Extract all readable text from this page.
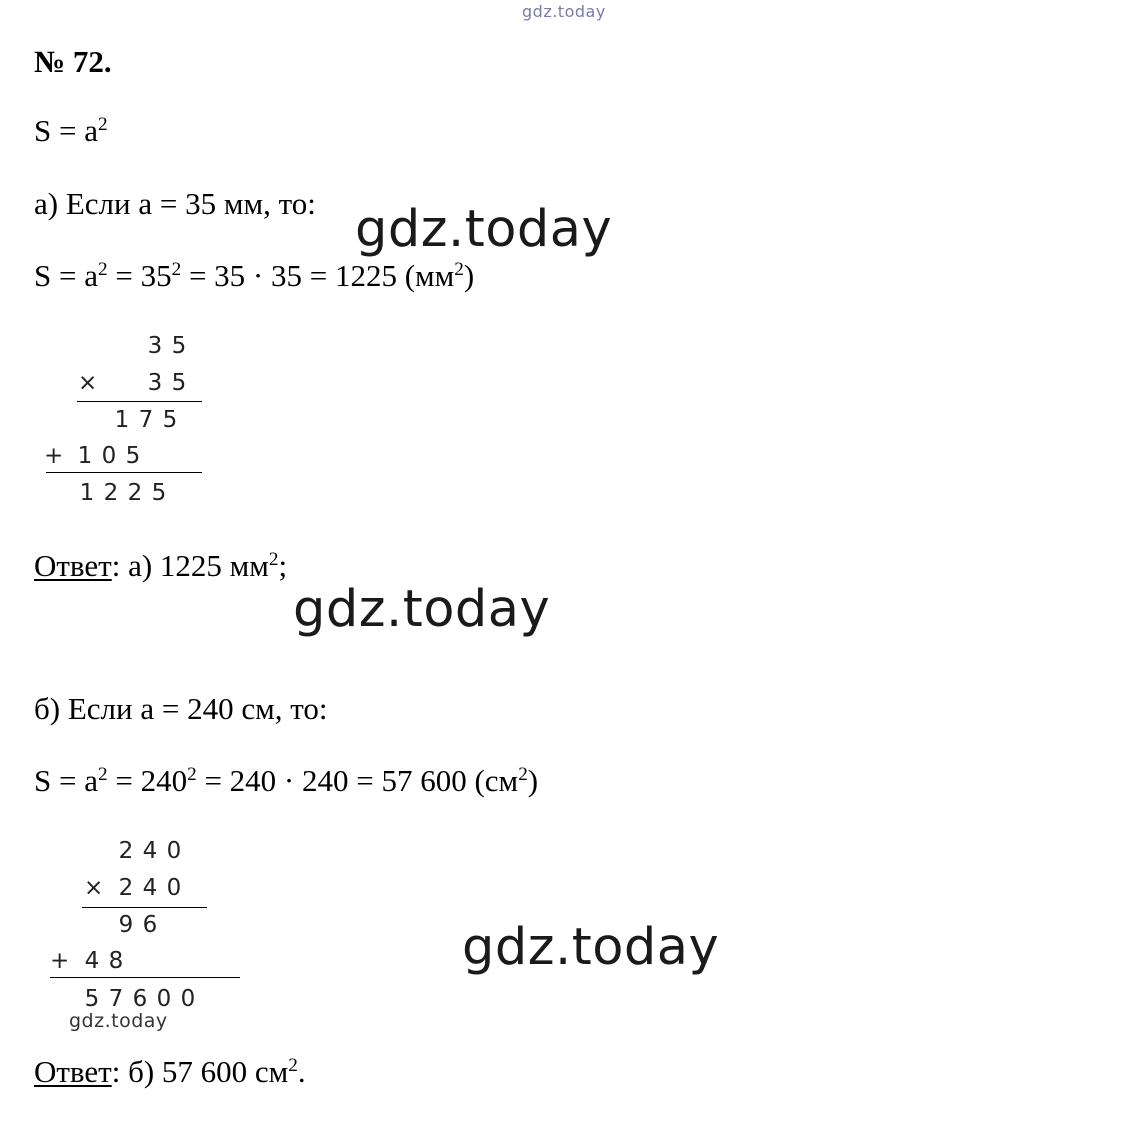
gdz.today
gdz.today
gdz.today
gdz.today
gdz.today
№ 72.
$S = a^2$
а) Если a = 35 мм, то:
$S = a^2 = 35^2 = 35 \cdot 35 = 1225$ $(мм^2)$
3 5
× 3 5
1 7 5
+ 1 0 5
1 2 2 5
Ответ: а) 1225 $мм^2$;
б) Если a = 240 см, то:
$S = a^2 = 240^2 = 240 \cdot 240 = 57$ 600 $(см^2)$
2 4 0
× 2 4 0
9 6
+ 4 8
5 7 6 0 0
Ответ: б) 57 600 $см^2$.
